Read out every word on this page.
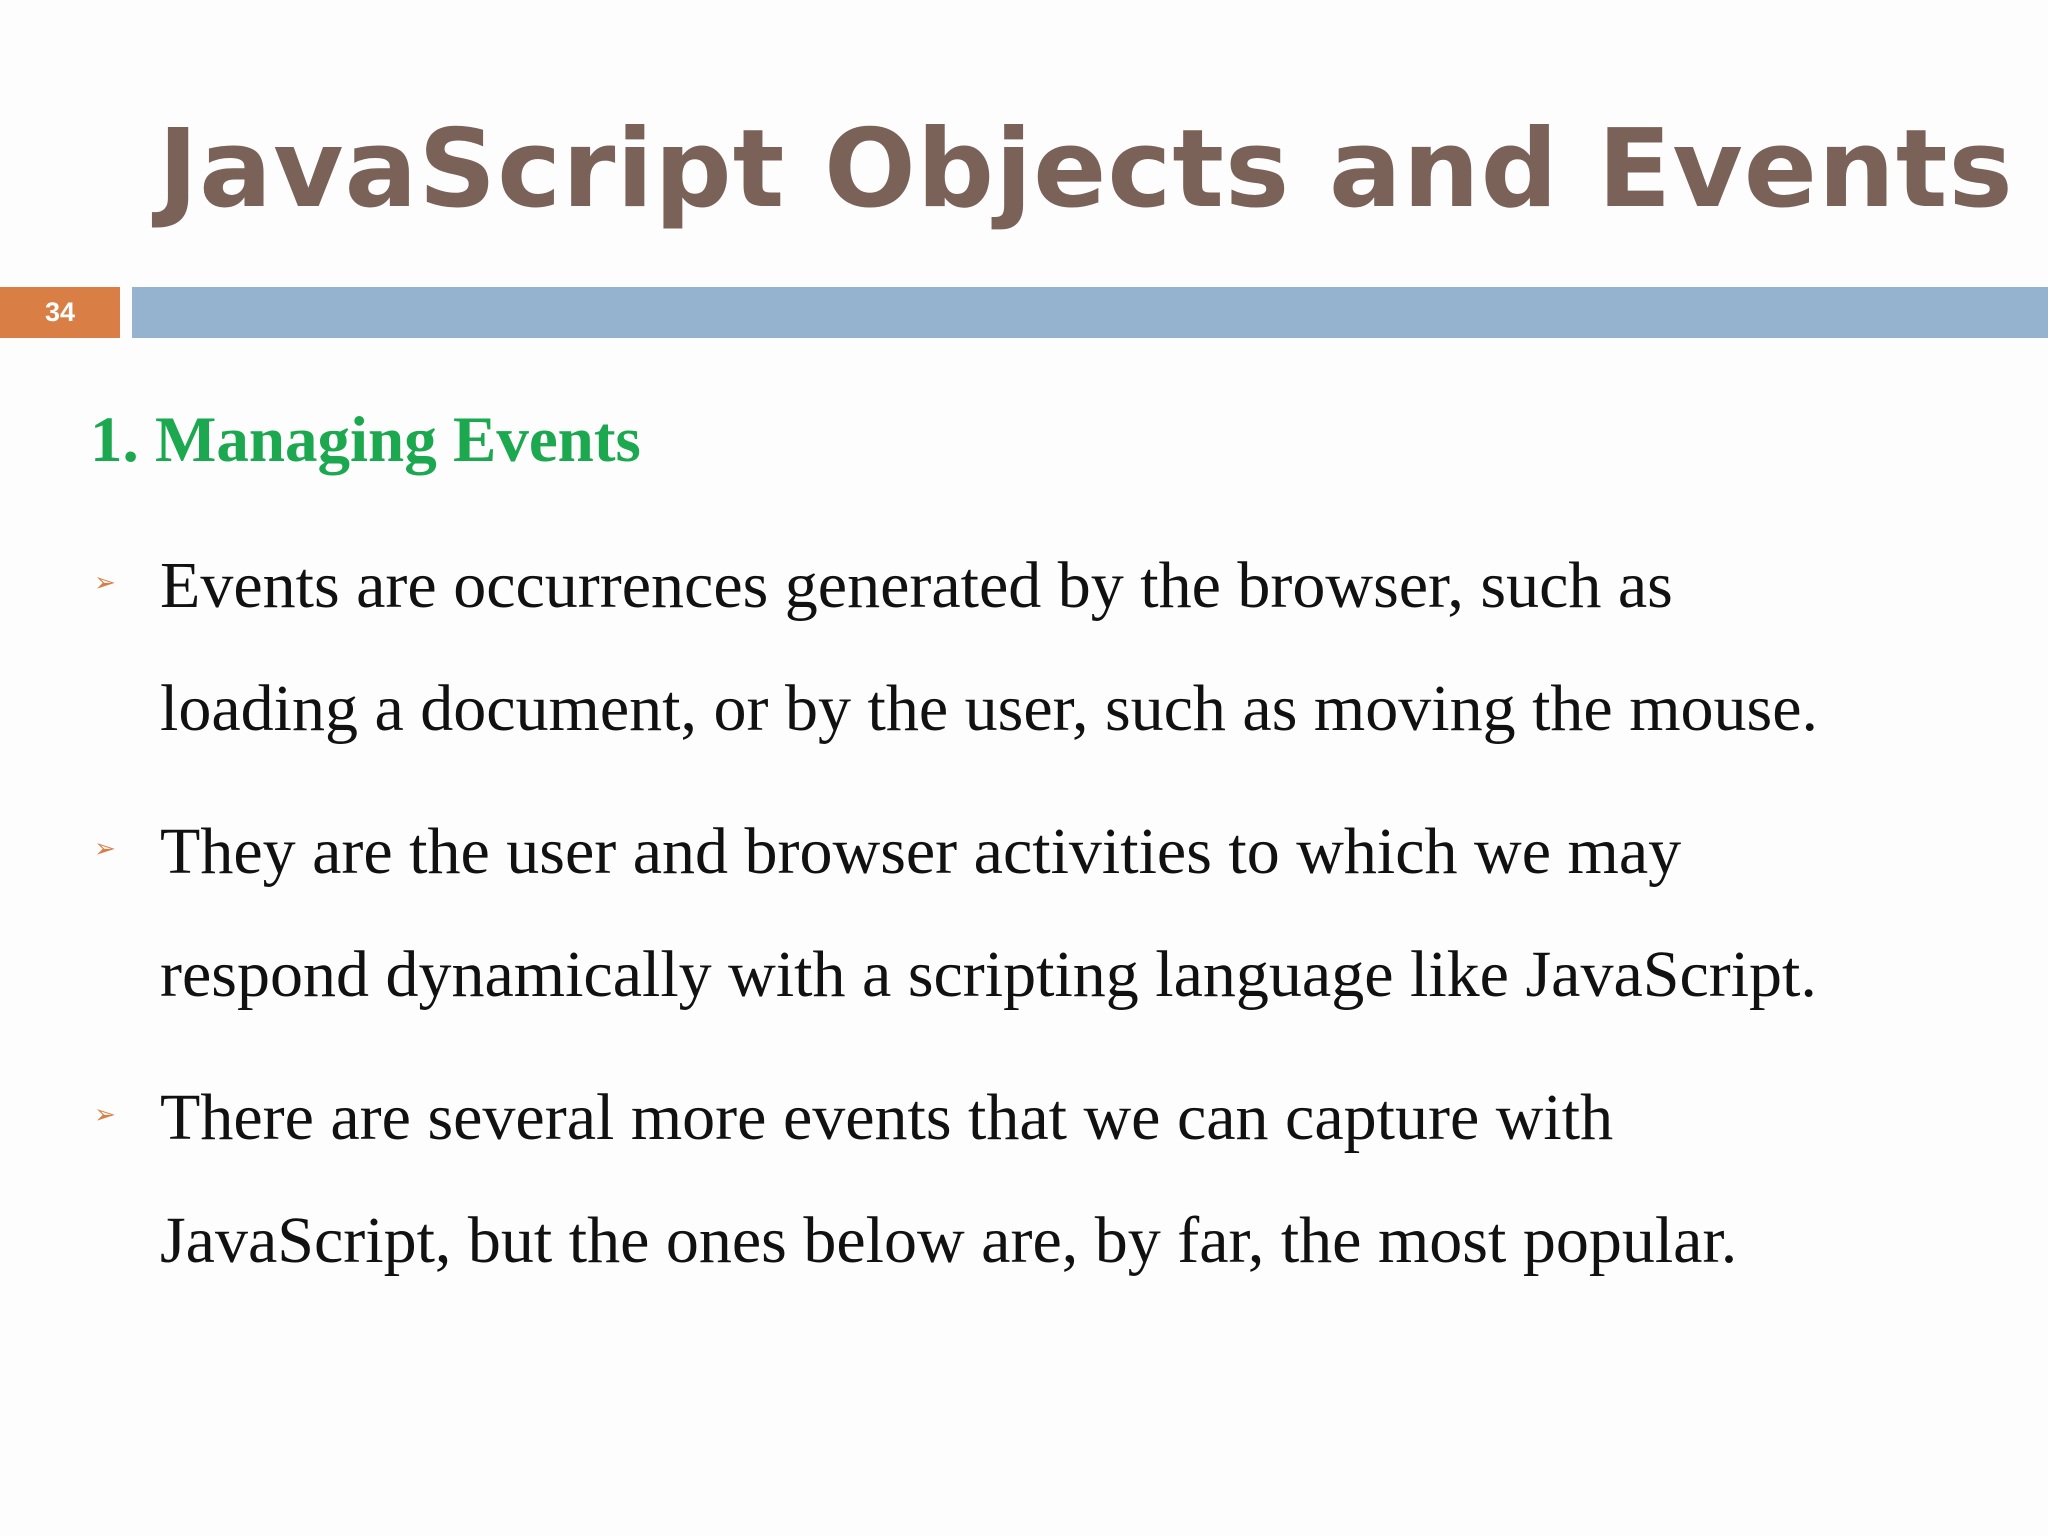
JavaScript Objects and Events
34
1. Managing Events
➢ Events are occurrences generated by the browser, such as
loading a document, or by the user, such as moving the mouse.

➢ They are the user and browser activities to which we may
respond dynamically with a scripting language like JavaScript.

➢ There are several more events that we can capture with
JavaScript, but the ones below are, by far, the most popular.
